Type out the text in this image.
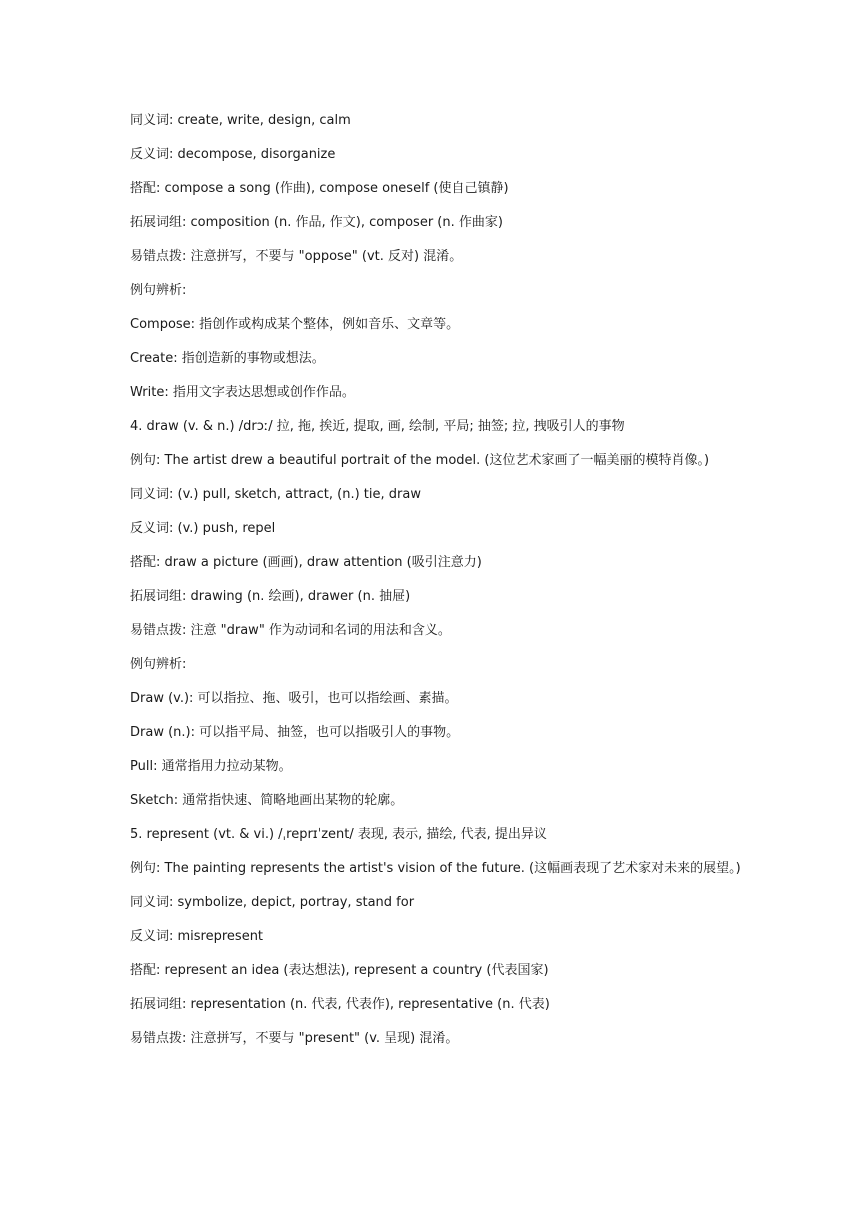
同义词: create, write, design, calm
反义词: decompose, disorganize
搭配: compose a song (作曲), compose oneself (使自己镇静)
拓展词组: composition (n. 作品, 作文), composer (n. 作曲家)
易错点拨: 注意拼写，不要与 "oppose" (vt. 反对) 混淆。
例句辨析:
Compose: 指创作或构成某个整体，例如音乐、文章等。
Create: 指创造新的事物或想法。
Write: 指用文字表达思想或创作作品。
4. draw (v. & n.) /drɔː/ 拉, 拖, 挨近, 提取, 画, 绘制, 平局; 抽签; 拉, 拽吸引人的事物
例句: The artist drew a beautiful portrait of the model. (这位艺术家画了一幅美丽的模特肖像。)
同义词: (v.) pull, sketch, attract, (n.) tie, draw
反义词: (v.) push, repel
搭配: draw a picture (画画), draw attention (吸引注意力)
拓展词组: drawing (n. 绘画), drawer (n. 抽屉)
易错点拨: 注意 "draw" 作为动词和名词的用法和含义。
例句辨析:
Draw (v.): 可以指拉、拖、吸引，也可以指绘画、素描。
Draw (n.): 可以指平局、抽签，也可以指吸引人的事物。
Pull: 通常指用力拉动某物。
Sketch: 通常指快速、简略地画出某物的轮廓。
5. represent (vt. & vi.) /ˌreprɪˈzent/ 表现, 表示, 描绘, 代表, 提出异议
例句: The painting represents the artist's vision of the future. (这幅画表现了艺术家对未来的展望。)
同义词: symbolize, depict, portray, stand for
反义词: misrepresent
搭配: represent an idea (表达想法), represent a country (代表国家)
拓展词组: representation (n. 代表, 代表作), representative (n. 代表)
易错点拨: 注意拼写，不要与 "present" (v. 呈现) 混淆。
